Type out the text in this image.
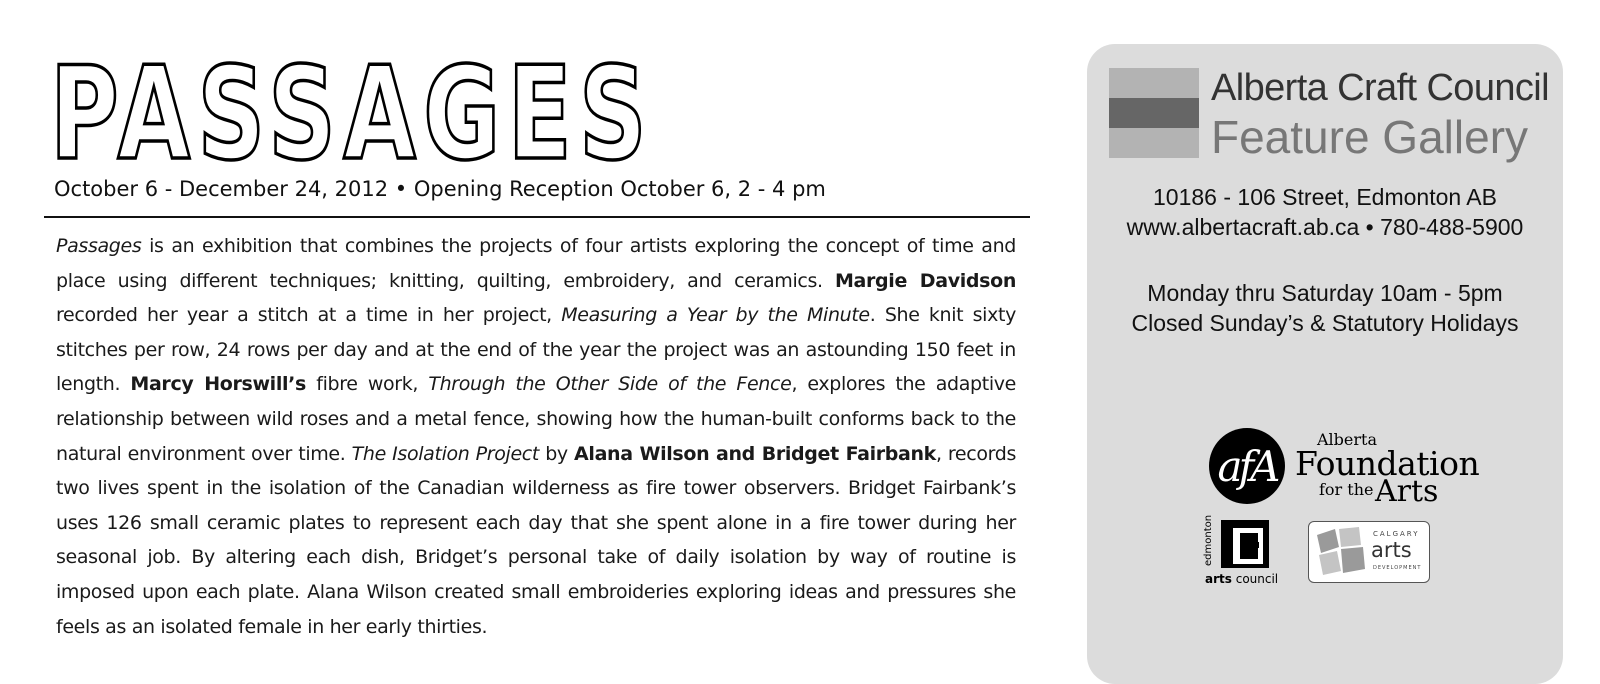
PASSAGES
October 6 - December 24, 2012 • Opening Reception October 6, 2 - 4 pm

Passages is an exhibition that combines the projects of four artists exploring the concept of time and place using different techniques; knitting, quilting, embroidery, and ceramics. Margie Davidson recorded her year a stitch at a time in her project, Measuring a Year by the Minute. She knit sixty stitches per row, 24 rows per day and at the end of the year the project was an astounding 150 feet in length. Marcy Horswill’s fibre work, Through the Other Side of the Fence, explores the adaptive relationship between wild roses and a metal fence, showing how the human-built conforms back to the natural environment over time. The Isolation Project by Alana Wilson and Bridget Fairbank, records two lives spent in the isolation of the Canadian wilderness as fire tower observers. Bridget Fairbank’s uses 126 small ceramic plates to represent each day that she spent alone in a fire tower during her seasonal job. By altering each dish, Bridget’s personal take of daily isolation by way of routine is imposed upon each plate. Alana Wilson created small embroideries exploring ideas and pressures she feels as an isolated female in her early thirties.

Alberta Craft Council
Feature Gallery
10186 - 106 Street, Edmonton AB
www.albertacraft.ab.ca • 780-488-5900
Monday thru Saturday 10am - 5pm
Closed Sunday’s & Statutory Holidays
afA
Alberta
Foundation
for the Arts
edmonton
arts council
CALGARY
arts
DEVELOPMENT
